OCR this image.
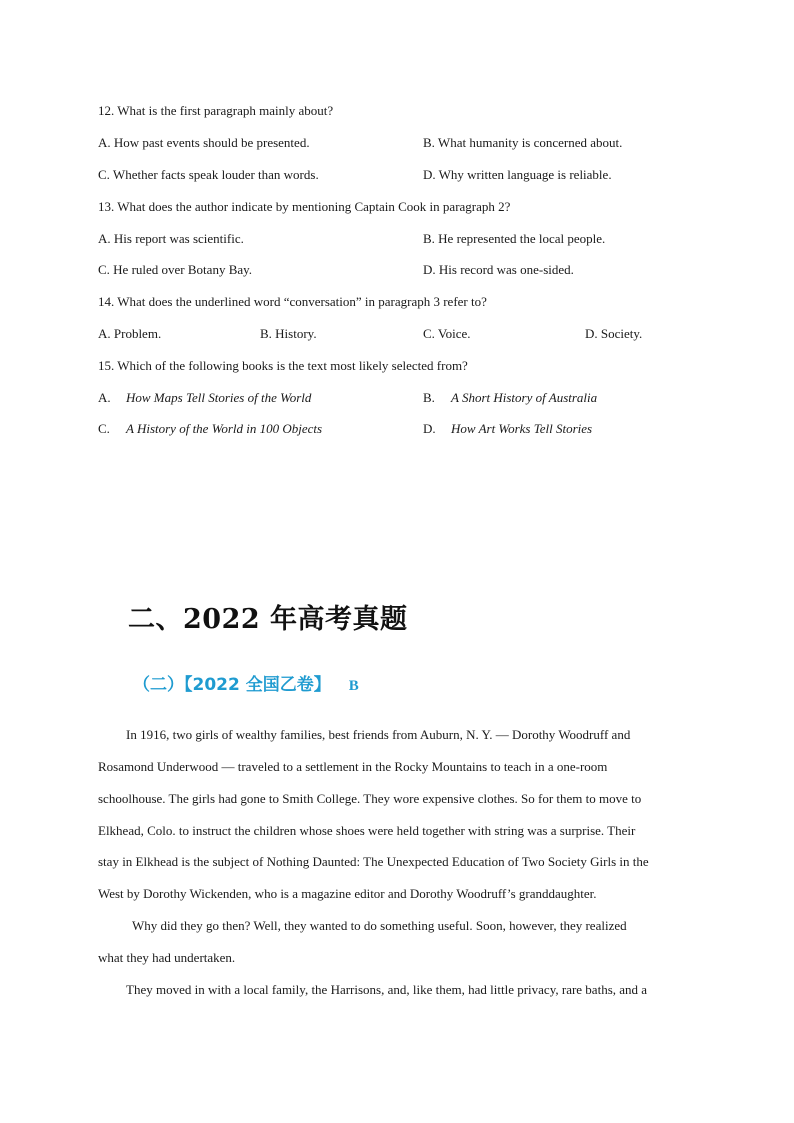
12. What is the first paragraph mainly about?
A. How past events should be presented.	B. What humanity is concerned about.
C. Whether facts speak louder than words.	D. Why written language is reliable.
13. What does the author indicate by mentioning Captain Cook in paragraph 2?
A. His report was scientific.	B. He represented the local people.
C. He ruled over Botany Bay.	D. His record was one-sided.
14. What does the underlined word “conversation” in paragraph 3 refer to?
A. Problem.	B. History.	C. Voice.	D. Society.
15. Which of the following books is the text most likely selected from?
A. How Maps Tell Stories of the World	B. A Short History of Australia
C. A History of the World in 100 Objects	D. How Art Works Tell Stories
二、2022 年高考真题
（二）【2022 全国乙卷】 B
In 1916, two girls of wealthy families, best friends from Auburn, N. Y. — Dorothy Woodruff and
Rosamond Underwood — traveled to a settlement in the Rocky Mountains to teach in a one-room
schoolhouse. The girls had gone to Smith College. They wore expensive clothes. So for them to move to
Elkhead, Colo. to instruct the children whose shoes were held together with string was a surprise. Their
stay in Elkhead is the subject of Nothing Daunted: The Unexpected Education of Two Society Girls in the
West by Dorothy Wickenden, who is a magazine editor and Dorothy Woodruff’s granddaughter.
Why did they go then? Well, they wanted to do something useful. Soon, however, they realized
what they had undertaken.
They moved in with a local family, the Harrisons, and, like them, had little privacy, rare baths, and a
